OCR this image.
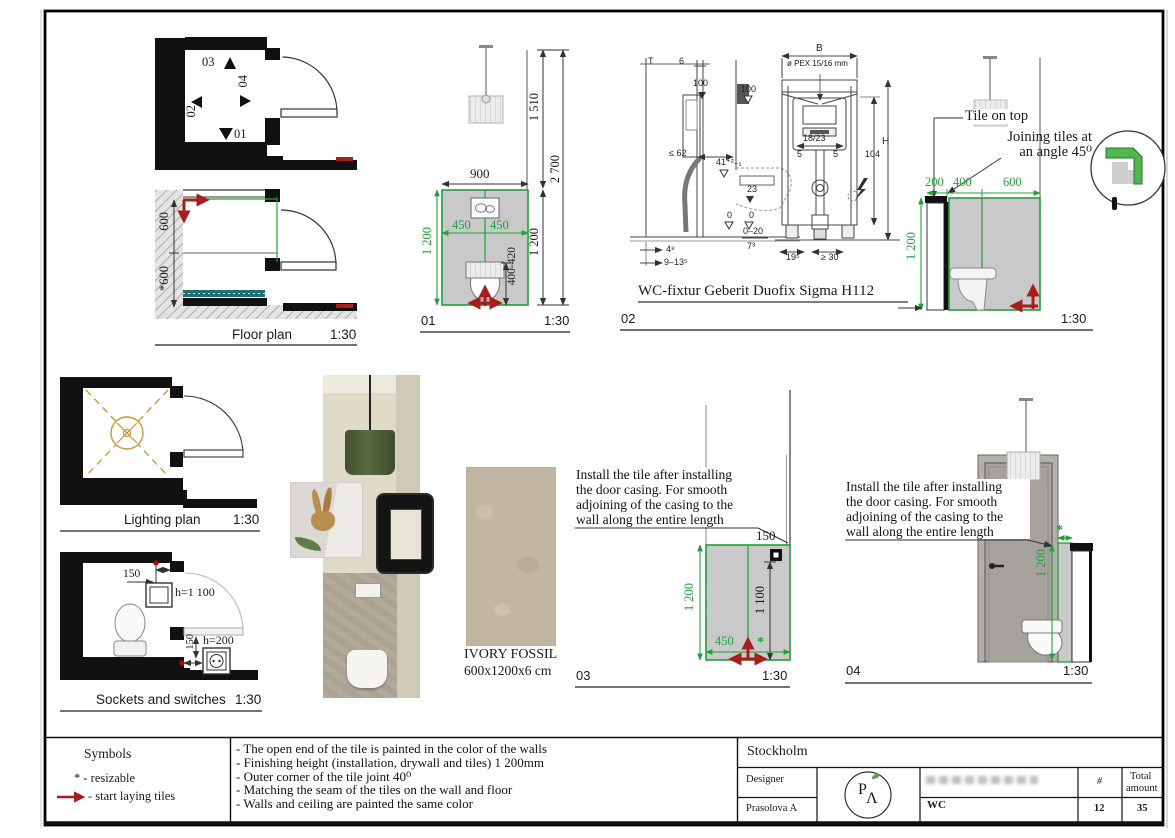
03
04
02
01
600
*600
Floor plan	1:30
900
450 450
1 200
1 510
1 200
2 700
400-420
01	1:30
T	6
100
≤ 62
41⁺²₋₁
0
4⁸
9–13⁵
100
23
0
0–20
7³
B
ø PEX 15/16 mm
18/23
5	5
H
104
19⁵ ≥ 30
WC-fixtur Geberit Duofix Sigma H112
02	1:30
Tile on top
Joining tiles at
an angle 45⁰
200 400	600
1 200
Install the tile after installing
the door casing. For smooth
adjoining of the casing to the
wall along the entire length
Install the tile after installing
the door casing. For smooth
adjoining of the casing to the
wall along the entire length
150
1 200	1 100
450 *
03	1:30
*
1 200
04	1:30
Lighting plan 1:30
150
h=1 100
150 h=200
Sockets and switches 1:30
IVORY FOSSIL
600x1200x6 cm
Symbols
* - resizable
- start laying tiles
- The open end of the tile is painted in the color of the walls
- Finishing height (installation, drywall and tiles) 1 200mm
- Outer corner of the tile joint 40⁰
- Matching the seam of the tiles on the wall and floor
- Walls and ceiling are painted the same color
Stockholm
Designer
Prasolova A
P
Λ	WC
#
12
Total
amount
35
